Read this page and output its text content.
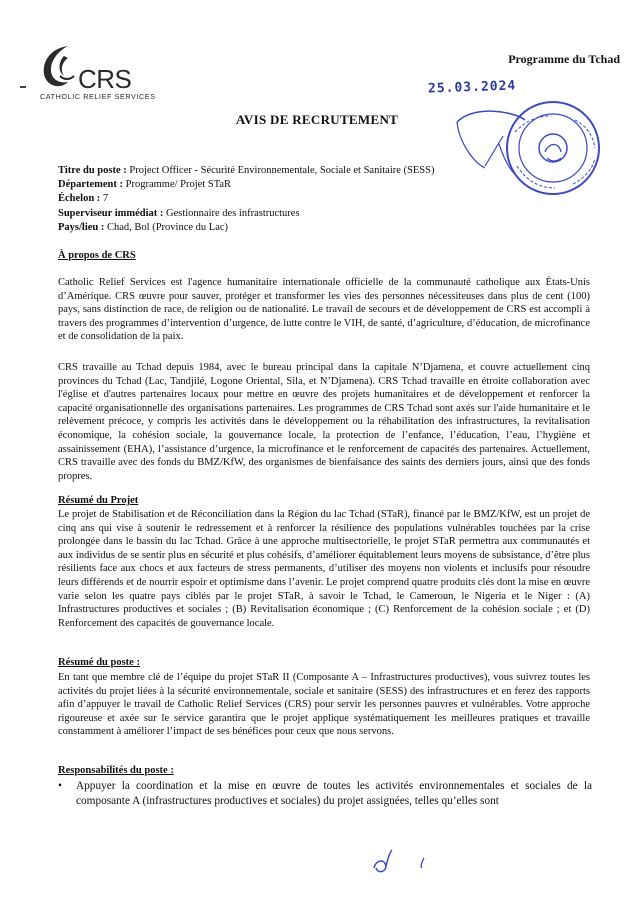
CRS
CATHOLIC RELIEF SERVICES
Programme du Tchad
25.03.2024
AVIS DE RECRUTEMENT
Titre du poste : Project Officer - Sécurité Environnementale, Sociale et Sanitaire (SESS)
Département : Programme/ Projet STaR
Échelon : 7
Superviseur immédiat : Gestionnaire des infrastructures
Pays/lieu : Chad, Bol (Province du Lac)
À propos de CRS

Catholic Relief Services est l'agence humanitaire internationale officielle de la communauté catholique aux États-Unis d’Amérique. CRS œuvre pour sauver, protéger et transformer les vies des personnes nécessiteuses dans plus de cent (100) pays, sans distinction de race, de religion ou de nationalité. Le travail de secours et de développement de CRS est accompli à travers des programmes d’intervention d’urgence, de lutte contre le VIH, de santé, d’agriculture, d’éducation, de microfinance et de consolidation de la paix.

CRS travaille au Tchad depuis 1984, avec le bureau principal dans la capitale N’Djamena, et couvre actuellement cinq provinces du Tchad (Lac, Tandjilé, Logone Oriental, Sila, et N’Djamena). CRS Tchad travaille en étroite collaboration avec l'église et d'autres partenaires locaux pour mettre en œuvre des projets humanitaires et de développement et renforcer la capacité organisationnelle des organisations partenaires. Les programmes de CRS Tchad sont axés sur l'aide humanitaire et le relèvement précoce, y compris les activités dans le développement ou la réhabilitation des infrastructures, la revitalisation économique, la cohésion sociale, la gouvernance locale, la protection de l’enfance, l’éducation, l’eau, l’hygiène et assainissement (EHA), l’assistance d’urgence, la microfinance et le renforcement de capacités des partenaires. Actuellement, CRS travaille avec des fonds du BMZ/KfW, des organismes de bienfaisance des saints des derniers jours, ainsi que des fonds propres.

Résumé du Projet

Le projet de Stabilisation et de Réconciliation dans la Région du lac Tchad (STaR), financé par le BMZ/KfW, est un projet de cinq ans qui vise à soutenir le redressement et à renforcer la résilience des populations vulnérables touchées par la crise prolongée dans le bassin du lac Tchad. Grâce à une approche multisectorielle, le projet STaR permettra aux communautés et aux individus de se sentir plus en sécurité et plus cohésifs, d’améliorer équitablement leurs moyens de subsistance, d’être plus résilients face aux chocs et aux facteurs de stress permanents, d’utiliser des moyens non violents et inclusifs pour résoudre leurs différends et de nourrir espoir et optimisme dans l’avenir. Le projet comprend quatre produits clés dont la mise en œuvre varie selon les quatre pays ciblés par le projet STaR, à savoir le Tchad, le Cameroun, le Nigeria et le Niger : (A) Infrastructures productives et sociales ; (B) Revitalisation économique ; (C) Renforcement de la cohésion sociale ; et (D) Renforcement des capacités de gouvernance locale.

Résumé du poste :

En tant que membre clé de l’équipe du projet STaR II (Composante A – Infrastructures productives), vous suivrez toutes les activités du projet liées à la sécurité environnementale, sociale et sanitaire (SESS) des infrastructures et en ferez des rapports afin d’appuyer le travail de Catholic Relief Services (CRS) pour servir les personnes pauvres et vulnérables. Votre approche rigoureuse et axée sur le service garantira que le projet applique systématiquement les meilleures pratiques et travaille constamment à améliorer l’impact de ses bénéfices pour ceux que nous servons.

Responsabilités du poste :
• Appuyer la coordination et la mise en œuvre de toutes les activités environnementales et sociales de la composante A (infrastructures productives et sociales) du projet assignées, telles qu’elles sont
